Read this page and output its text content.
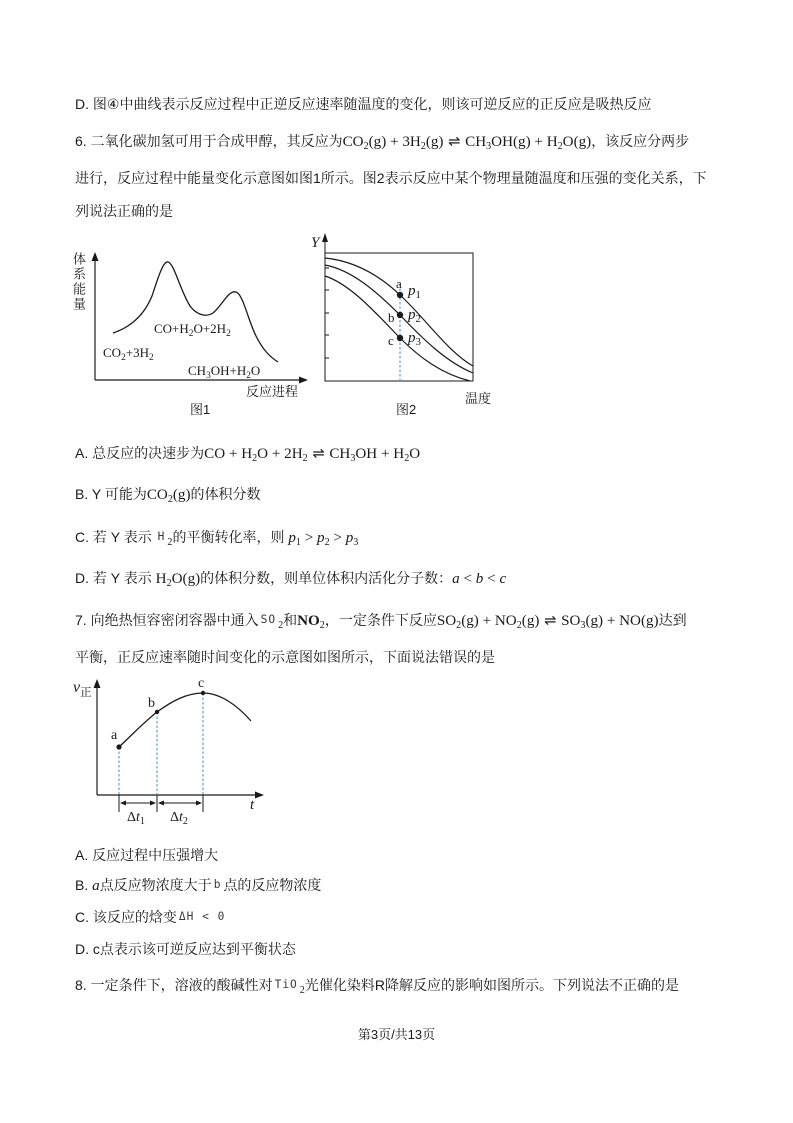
D. 图④中曲线表示反应过程中正逆反应速率随温度的变化，则该可逆反应的正反应是吸热反应
6. 二氧化碳加氢可用于合成甲醇，其反应为$CO_2(g) + 3H_2(g)$ ⇌ $CH_3OH(g) + H_2O(g)$，该反应分两步
进行，反应过程中能量变化示意图如图1所示。图2表示反应中某个物理量随温度和压强的变化关系，下
列说法正确的是
体系能量
反应进程
$CO_2+3H_2$
$CO+H_2O+2H_2$
$CH_3OH+H_2O$
图1
Y
温度
a
b
c
$p_1$
$p_2$
$p_3$
图2
A. 总反应的决速步为CO + $H_2O + 2H_2$ ⇌ $CH_3OH + H_2O$
B. Y 可能为$CO_2(g)$的体积分数
C. 若 Y 表示 H $_2$的平衡转化率，则 $p_1 > p_2 > p_3$
D. 若 Y 表示 $H_2O(g)$的体积分数，则单位体积内活化分子数：a < b < c
7. 向绝热恒容密闭容器中通入 SO $_2$和$NO_2$，一定条件下反应$SO_2(g) + NO_2(g)$ ⇌ $SO_3(g) + NO(g)$达到
平衡，正反应速率随时间变化的示意图如图所示，下面说法错误的是
$v_正$
t
a
b
c
$\Delta t_1$ $\Delta t_2$
A. 反应过程中压强增大
B. a点反应物浓度大于 b 点的反应物浓度
C. 该反应的焓变 ΔH < 0
D. c点表示该可逆反应达到平衡状态
8. 一定条件下，溶液的酸碱性对 TiO $_2$光催化染料R降解反应的影响如图所示。下列说法不正确的是
第3页/共13页
